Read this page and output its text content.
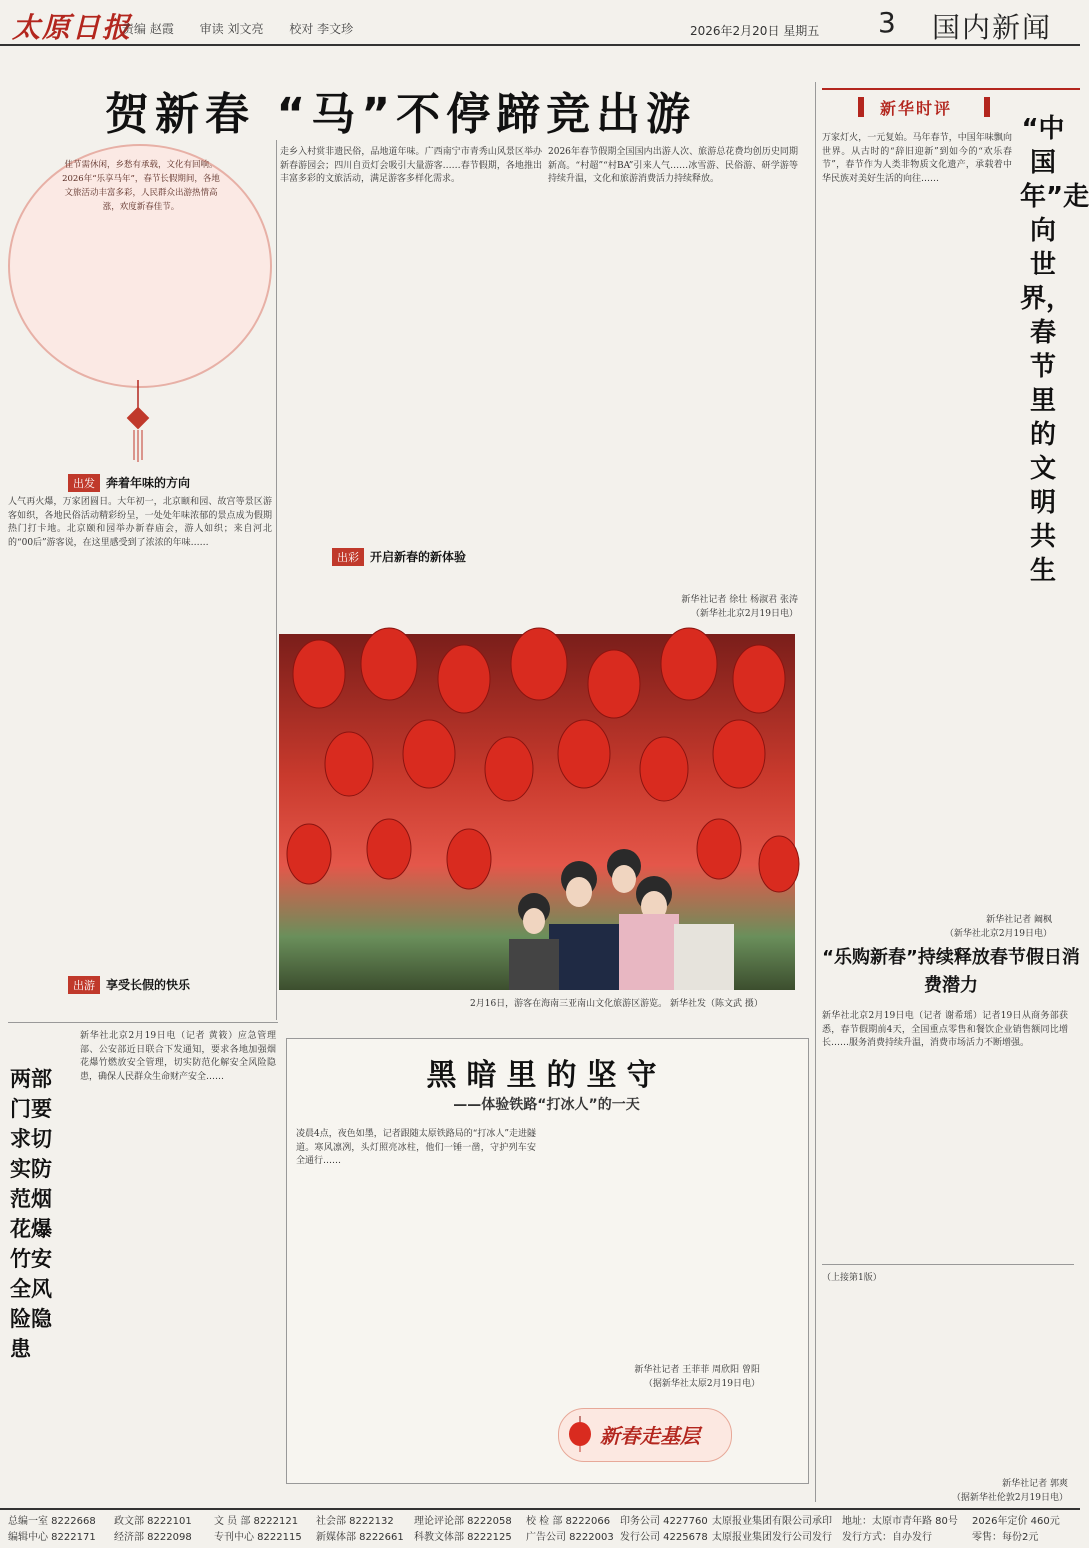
太原日报
责编 赵霞 审读 刘文亮 校对 李文珍	2026年2月20日 星期五 3 国内新闻
贺新春 “马”不停蹄竞出游
佳节需休闲，乡愁有承载，文化有回响。2026年“乐享马年”，春节长假期间，各地文旅活动丰富多彩，人民群众出游热情高涨，欢度新春佳节。
出发 奔着年味的方向
人气再火爆，万家团圆日。大年初一，北京颐和园、故宫等景区游客如织，各地民俗活动精彩纷呈，一处处年味浓郁的景点成为假期热门打卡地。北京颐和园举办新春庙会，游人如织；来自河北的“00后”游客说，在这里感受到了浓浓的年味……
出游 享受长假的快乐
走乡入村赏非遗民俗，品地道年味。广西南宁市青秀山风景区举办新春游园会；四川自贡灯会吸引大量游客……春节假期，各地推出丰富多彩的文旅活动，满足游客多样化需求。
出彩 开启新春的新体验
2026年春节假期全国国内出游人次、旅游总花费均创历史同期新高。“村超”“村BA”引来人气……冰雪游、民俗游、研学游等持续升温，文化和旅游消费活力持续释放。
新华社记者 徐壮 杨淑君 张涛
（新华社北京2月19日电）
2月16日，游客在海南三亚南山文化旅游区游览。 新华社发（陈文武 摄）
新华时评
“中国年”走向世界，春节里的文明共生
万家灯火，一元复始。马年春节，中国年味飘向世界。从古时的“辞旧迎新”到如今的“欢乐春节”，春节作为人类非物质文化遗产，承载着中华民族对美好生活的向往……
新华社记者 阚枫
（新华社北京2月19日电）
“乐购新春”持续释放春节假日消费潜力
新华社北京2月19日电（记者 谢希瑶）记者19日从商务部获悉，春节假期前4天，全国重点零售和餐饮企业销售额同比增长……服务消费持续升温，消费市场活力不断增强。
（上接第1版）
新华社记者 郭爽
（据新华社伦敦2月19日电）
两部门要求切实防范烟花爆竹安全风险隐患
新华社北京2月19日电（记者 黄筱）应急管理部、公安部近日联合下发通知，要求各地加强烟花爆竹燃放安全管理，切实防范化解安全风险隐患，确保人民群众生命财产安全……	黑暗里的坚守
——体验铁路“打冰人”的一天
凌晨4点，夜色如墨，记者跟随太原铁路局的“打冰人”走进隧道。寒风凛冽，头灯照亮冰柱，他们一锤一凿，守护列车安全通行……
新华社记者 王菲菲 周欣阳 曾阳
（据新华社太原2月19日电）
新春走基层
总编一室 8222668
编辑中心 8222171
政文部 8222101
经济部 8222098
文 员 部 8222121
专刊中心 8222115
社会部 8222132
新媒体部 8222661
理论评论部 8222058
科教文体部 8222125
校 检 部 8222066
广告公司 8222003
印务公司 4227760
发行公司 4225678
太原报业集团有限公司承印
太原报业集团发行公司发行
地址：太原市青年路 80号
发行方式：自办发行
2026年定价 460元
零售：每份2元
